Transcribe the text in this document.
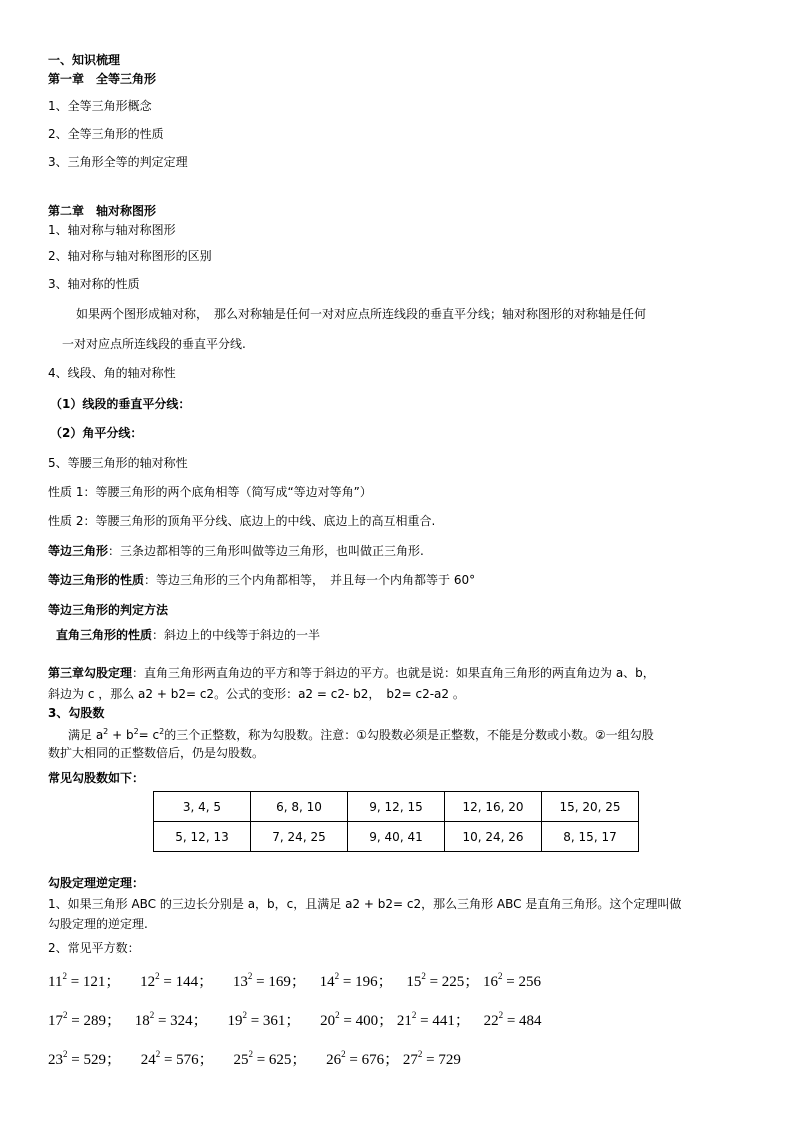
一、知识梳理
第一章　全等三角形
1、全等三角形概念
2、全等三角形的性质
3、三角形全等的判定定理
第二章　轴对称图形
1、轴对称与轴对称图形
2、轴对称与轴对称图形的区别
3、轴对称的性质
如果两个图形成轴对称，　那么对称轴是任何一对对应点所连线段的垂直平分线；轴对称图形的对称轴是任何
一对对应点所连线段的垂直平分线.
4、线段、角的轴对称性
（1）线段的垂直平分线：
（2）角平分线：
5、等腰三角形的轴对称性
性质 1：等腰三角形的两个底角相等（简写成“等边对等角”）
性质 2：等腰三角形的顶角平分线、底边上的中线、底边上的高互相重合.
等边三角形：三条边都相等的三角形叫做等边三角形，也叫做正三角形.
等边三角形的性质：等边三角形的三个内角都相等，　并且每一个内角都等于 60°
等边三角形的判定方法
直角三角形的性质：斜边上的中线等于斜边的一半
第三章勾股定理：直角三角形两直角边的平方和等于斜边的平方。也就是说：如果直角三角形的两直角边为 a、b，
斜边为 c ，那么 a2 + b2= c2。公式的变形：a2 = c2- b2，　b2= c2-a2 。
3、勾股数
满足 $a^2 + b^2= c^2$的三个正整数，称为勾股数。注意：①勾股数必须是正整数，不能是分数或小数。②一组勾股
数扩大相同的正整数倍后，仍是勾股数。
常见勾股数如下：
3, 4, 5	6, 8, 10	9, 12, 15	12, 16, 20	15, 20, 25
5, 12, 13	7, 24, 25	9, 40, 41	10, 24, 26	8, 15, 17
勾股定理逆定理：
1、如果三角形 ABC 的三边长分别是 a，b，c，且满足 a2 + b2= c2，那么三角形 ABC 是直角三角形。这个定理叫做
勾股定理的逆定理.
2、常见平方数：
$11^2 = 121$； $12^2 = 144$； $13^2 = 169$； $14^2 = 196$； $15^2 = 225$； $16^2 = 256$
$17^2 = 289$； $18^2 = 324$； $19^2 = 361$； $20^2 = 400$； $21^2 = 441$； $22^2 = 484$
$23^2 = 529$； $24^2 = 576$； $25^2 = 625$； $26^2 = 676$； $27^2 = 729$
